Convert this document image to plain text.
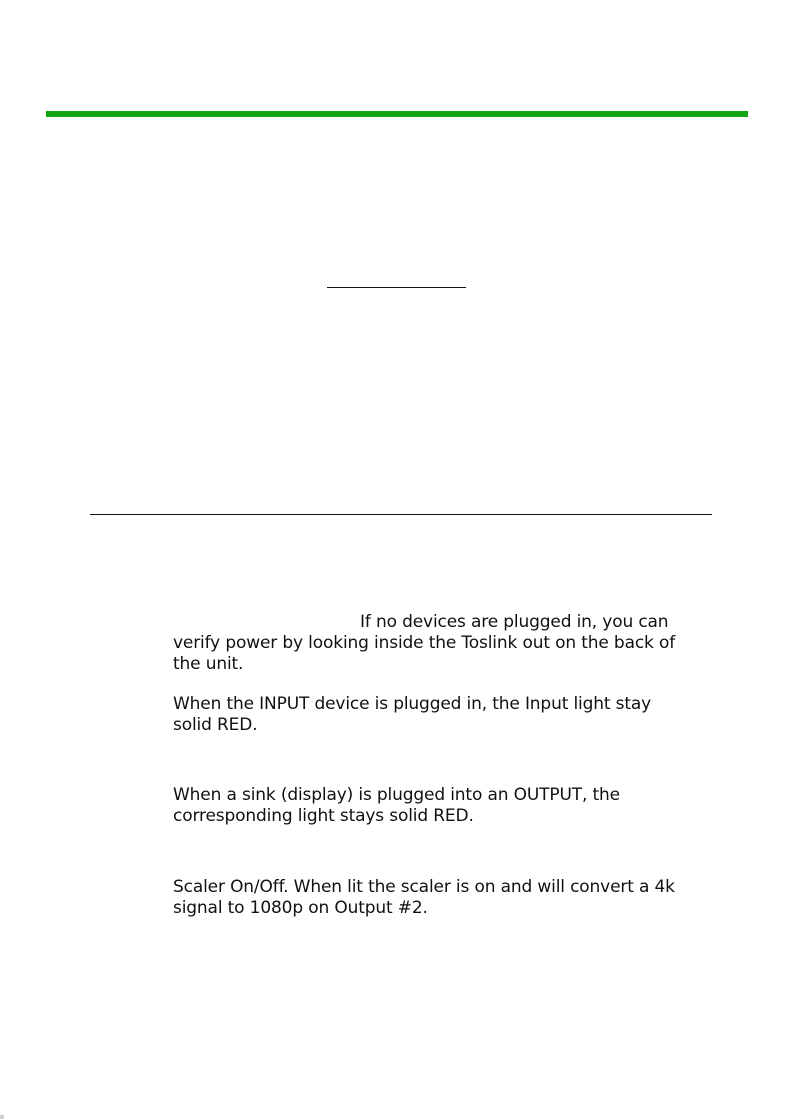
If no devices are plugged in, you can
verify power by looking inside the Toslink out on the back of
the unit.

When the INPUT device is plugged in, the Input light stay
solid RED.

When a sink (display) is plugged into an OUTPUT, the
corresponding light stays solid RED.

Scaler On/Off. When lit the scaler is on and will convert a 4k
signal to 1080p on Output #2.
